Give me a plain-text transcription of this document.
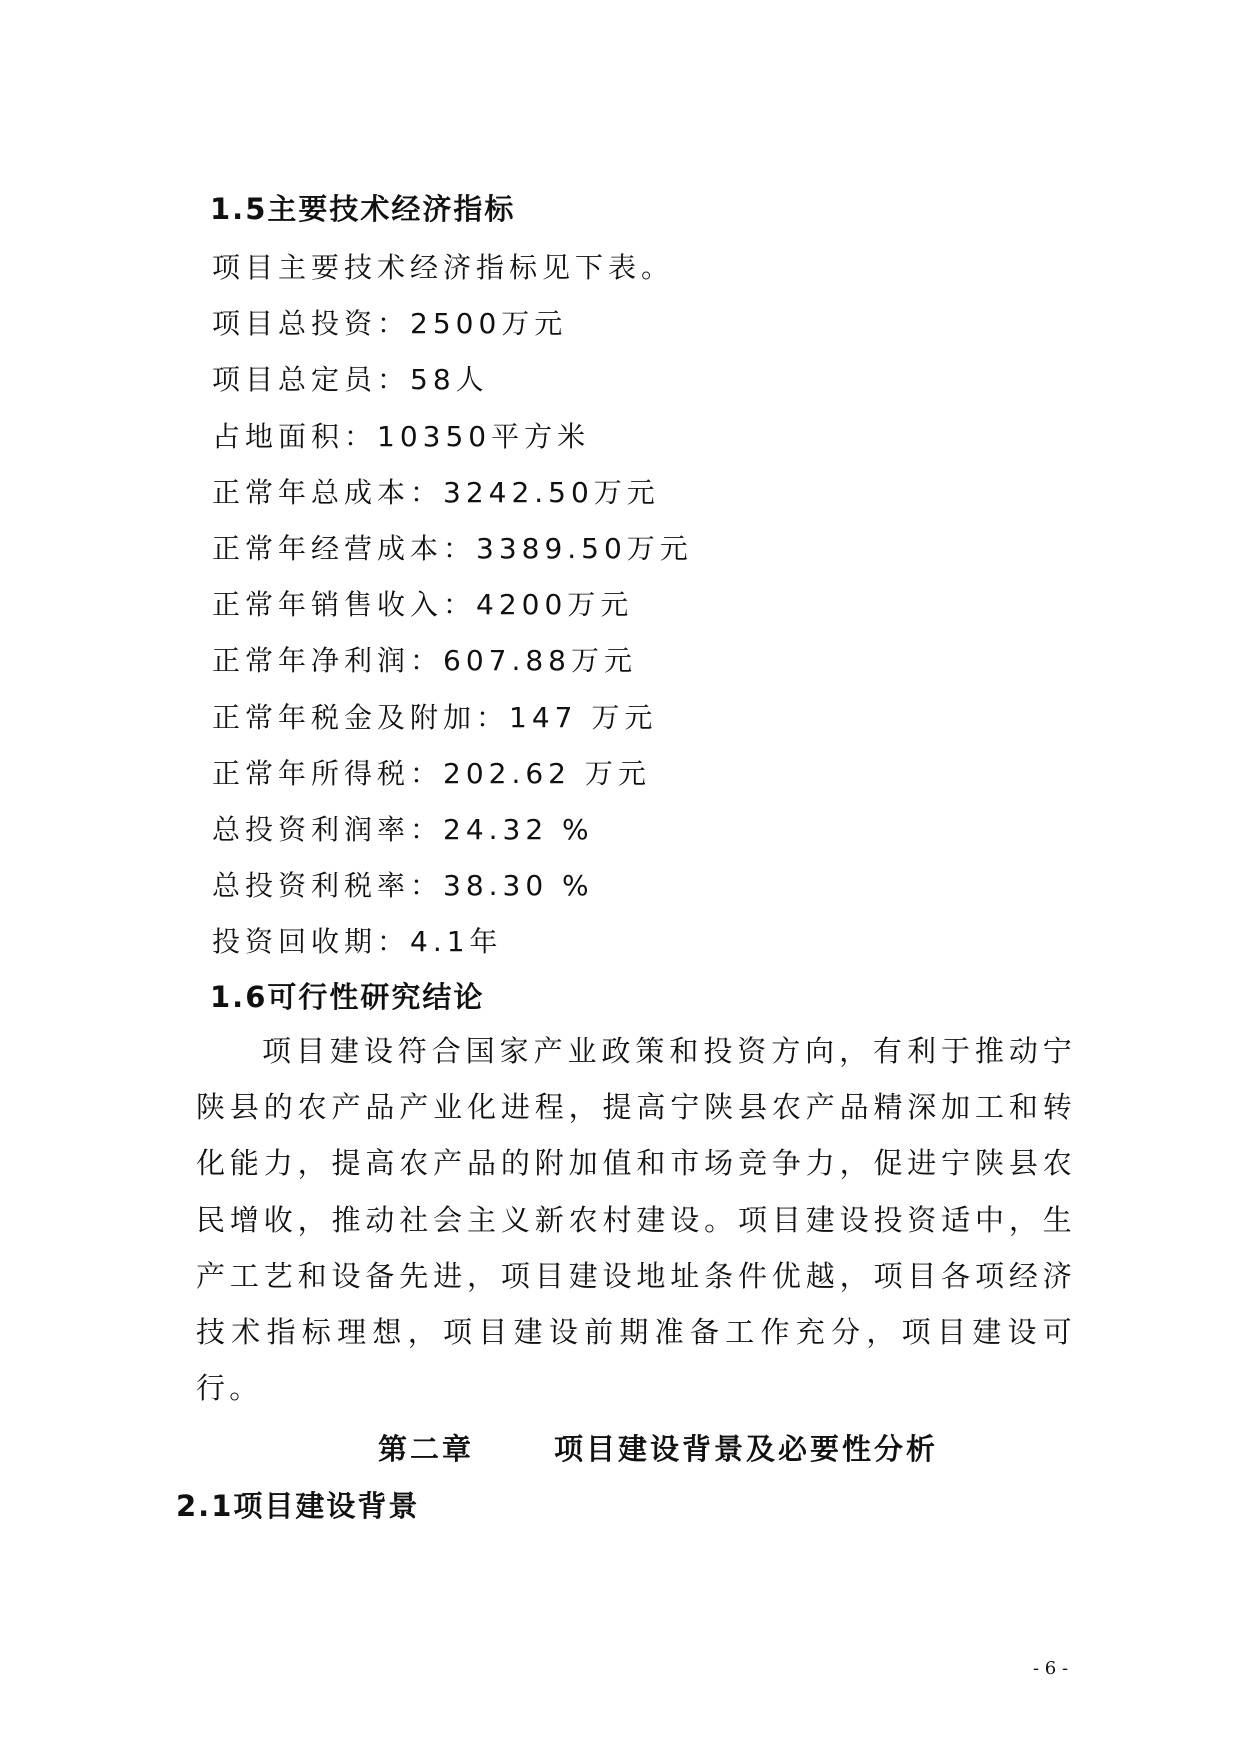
1.5主要技术经济指标
项目主要技术经济指标见下表。
项目总投资：2500万元
项目总定员：58人
占地面积：10350平方米
正常年总成本：3242.50万元
正常年经营成本：3389.50万元
正常年销售收入：4200万元
正常年净利润：607.88万元
正常年税金及附加：147 万元
正常年所得税：202.62 万元
总投资利润率：24.32 %
总投资利税率：38.30 %
投资回收期：4.1年
1.6可行性研究结论

项目建设符合国家产业政策和投资方向，有利于推动宁陕县的农产品产业化进程，提高宁陕县农产品精深加工和转化能力，提高农产品的附加值和市场竞争力，促进宁陕县农民增收，推动社会主义新农村建设。项目建设投资适中，生产工艺和设备先进，项目建设地址条件优越，项目各项经济技术指标理想，项目建设前期准备工作充分，项目建设可行。

第二章	项目建设背景及必要性分析
2.1项目建设背景
- 6 -
